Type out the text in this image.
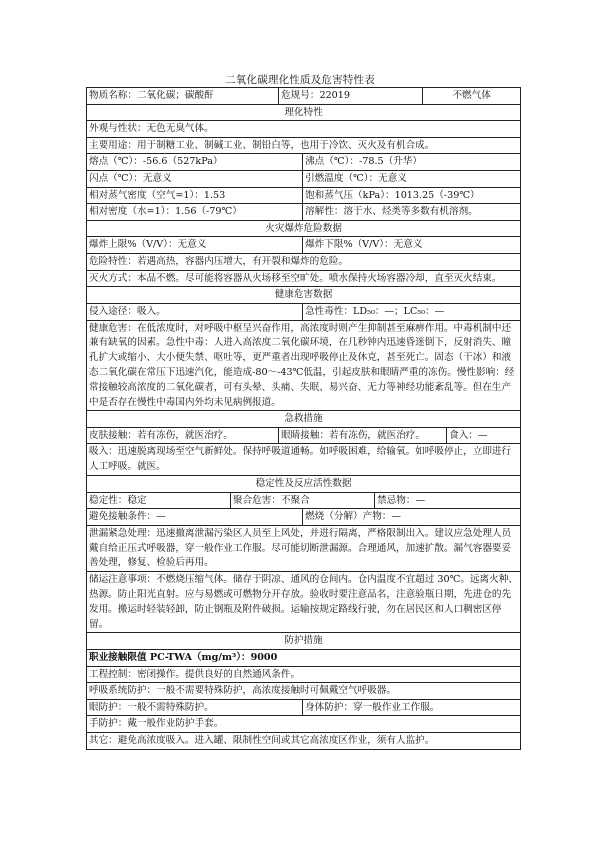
二氧化碳理化性质及危害特性表
物质名称：二氧化碳；碳酸酐		危规号：22019			不燃气体	
理化特性						
外观与性状：无色无臭气体。						
主要用途：用于制糖工业、制碱工业、制铅白等，也用于冷饮、灭火及有机合成。						
熔点（℃）：-56.6（527kPa）			沸点（℃）：-78.5（升华）			
闪点（℃）：无意义			引燃温度（℃）：无意义			
相对蒸气密度（空气=1）：1.53			饱和蒸气压（kPa）：1013.25（-39℃）			
相对密度（水=1）：1.56（-79℃）			溶解性：溶于水、烃类等多数有机溶剂。			
火灾爆炸危险数据						
爆炸上限%（V/V）：无意义			爆炸下限%（V/V）：无意义			
危险特性：若遇高热，容器内压增大，有开裂和爆炸的危险。						
灭火方式：本品不燃。尽可能将容器从火场移至空旷处。喷水保持火场容器冷却，直至灭火结束。						
健康危害数据						
侵入途径：吸入。			急性毒性：LD₅₀：—；LC₅₀：—			
健康危害：在低浓度时，对呼吸中枢呈兴奋作用，高浓度时则产生抑制甚至麻痹作用。中毒机制中还兼有缺氧的因素。急性中毒：人进入高浓度二氧化碳环境，在几秒钟内迅速昏迷倒下，反射消失、瞳孔扩大或缩小、大小便失禁、呕吐等，更严重者出现呼吸停止及休克，甚至死亡。固态（干冰）和液态二氧化碳在常压下迅速汽化，能造成-80～-43℃低温，引起皮肤和眼睛严重的冻伤。慢性影响：经常接触较高浓度的二氧化碳者，可有头晕、头痛、失眠、易兴奋、无力等神经功能紊乱等。但在生产中是否存在慢性中毒国内外均未见病例报道。						
急救措施						
皮肤接触：若有冻伤，就医治疗。		眼睛接触：若有冻伤，就医治疗。				食入：—
吸入：迅速脱离现场至空气新鲜处。保持呼吸道通畅。如呼吸困难，给输氧。如呼吸停止，立即进行人工呼吸。就医。						
稳定性及反应活性数据						
稳定性：稳定	聚合危害：不聚合			禁忌物：—		
避免接触条件：—			燃烧（分解）产物：—			
泄漏紧急处理：迅速撤离泄漏污染区人员至上风处，并进行隔离，严格限制出入。建议应急处理人员戴自给正压式呼吸器，穿一般作业工作服。尽可能切断泄漏源。合理通风，加速扩散。漏气容器要妥善处理，修复、检验后再用。						
储运注意事项：不燃烧压缩气体。储存于阴凉、通风的仓间内。仓内温度不宜超过 30℃。远离火种、热源。防止阳光直射。应与易燃或可燃物分开存放。验收时要注意品名，注意验瓶日期，先进仓的先发用。搬运时轻装轻卸，防止钢瓶及附件破损。运输按规定路线行驶，勿在居民区和人口稠密区停留。						
防护措施						
职业接触限值 PC-TWA（mg/m³）：9000						
工程控制：密闭操作。提供良好的自然通风条件。						
呼吸系统防护：一般不需要特殊防护，高浓度接触时可佩戴空气呼吸器。						
眼防护：一般不需特殊防护。			身体防护：穿一般作业工作服。			
手防护：戴一般作业防护手套。						
其它：避免高浓度吸入。进入罐、限制性空间或其它高浓度区作业，须有人监护。						
